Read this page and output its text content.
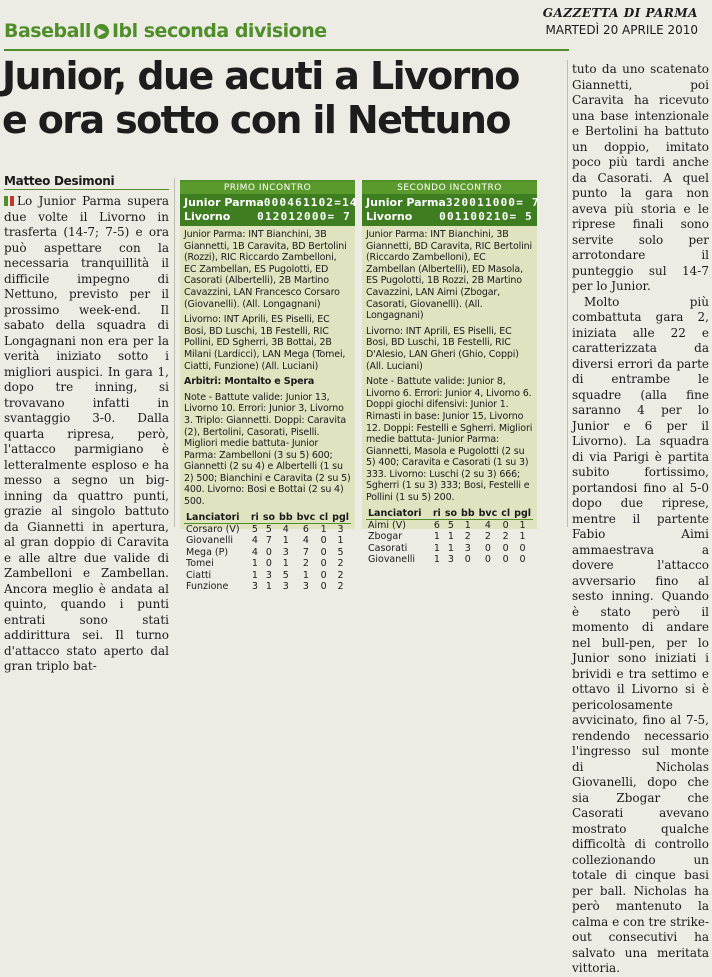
Baseball ▶ Ibl seconda divisione
GAZZETTA DI PARMA
MARTEDÌ 20 APRILE 2010
Junior, due acuti a Livorno
e ora sotto con il Nettuno
Matteo Desimoni

Lo Junior Parma supera due volte il Livorno in trasferta (14-7; 7-5) e ora può aspettare con la necessaria tranquillità il difficile impegno di Nettuno, previsto per il prossimo week-end. Il sabato della squadra di Longagnani non era per la verità iniziato sotto i migliori auspici. In gara 1, dopo tre inning, si trovavano infatti in svantaggio 3-0. Dalla quarta ripresa, però, l'attacco parmigiano è letteralmente esploso e ha messo a segno un big-inning da quattro punti, grazie al singolo battuto da Giannetti in apertura, al gran doppio di Caravita e alle altre due valide di Zambelloni e Zambellan. Ancora meglio è andata al quinto, quando i punti entrati sono stati addirittura sei. Il turno d'attacco stato aperto dal gran triplo bat-

PRIMO INCONTRO
Junior Parma 000461102=14
Livorno 012012000= 7

Junior Parma: INT Bianchini, 3B Giannetti, 1B Caravita, BD Bertolini (Rozzi), RIC Riccardo Zambelloni, EC Zambellan, ES Pugolotti, ED Casorati (Albertelli), 2B Martino Cavazzini, LAN Francesco Corsaro (Giovanelli). (All. Longagnani)

Livorno: INT Aprili, ES Piselli, EC Bosi, BD Luschi, 1B Festelli, RIC Pollini, ED Sgherri, 3B Bottai, 2B Milani (Lardicci), LAN Mega (Tomei, Ciatti, Funzione) (All. Luciani)

Arbitri: Montalto e Spera

Note - Battute valide: Junior 13, Livorno 10. Errori: Junior 3, Livorno 3. Triplo: Giannetti. Doppi: Caravita (2), Bertolini, Casorati, Piselli. Migliori medie battuta- Junior Parma: Zambelloni (3 su 5) 600; Giannetti (2 su 4) e Albertelli (1 su 2) 500; Bianchini e Caravita (2 su 5) 400. Livorno: Bosi e Bottai (2 su 4) 500.

Lanciatori	ri	so	bb	bvc	cl	pgl
Corsaro (V)	5	5	4	6	1	3
Giovanelli	4	7	1	4	0	1
Mega (P)	4	0	3	7	0	5
Tomei	1	0	1	2	0	2
Ciatti	1	3	5	1	0	2
Funzione	3	1	3	3	0	2
SECONDO INCONTRO
Junior Parma 320011000= 7
Livorno 001100210= 5

Junior Parma: INT Bianchini, 3B Giannetti, BD Caravita, RIC Bertolini (Riccardo Zambelloni), EC Zambellan (Albertelli), ED Masola, ES Pugolotti, 1B Rozzi, 2B Martino Cavazzini, LAN Aimi (Zbogar, Casorati, Giovanelli). (All. Longagnani)

Livorno: INT Aprili, ES Piselli, EC Bosi, BD Luschi, 1B Festelli, RIC D'Alesio, LAN Gheri (Ghio, Coppi) (All. Luciani)

Note - Battute valide: Junior 8, Livorno 6. Errori: Junior 4, Livorno 6. Doppi giochi difensivi: Junior 1. Rimasti in base: Junior 15, Livorno 12. Doppi: Festelli e Sgherri. Migliori medie battuta- Junior Parma: Giannetti, Masola e Pugolotti (2 su 5) 400; Caravita e Casorati (1 su 3) 333. Livorno: Luschi (2 su 3) 666; Sgherri (1 su 3) 333; Bosi, Festelli e Pollini (1 su 5) 200.

Lanciatori	ri	so	bb	bvc	cl	pgl
Aimi (V)	6	5	1	4	0	1
Zbogar	1	1	2	2	2	1
Casorati	1	1	3	0	0	0
Giovanelli	1	3	0	0	0	0

tuto da uno scatenato Giannetti, poi Caravita ha ricevuto una base intenzionale e Bertolini ha battuto un doppio, imitato poco più tardi anche da Casorati. A quel punto la gara non aveva più storia e le riprese finali sono servite solo per arrotondare il punteggio sul 14-7 per lo Junior.

Molto più combattuta gara 2, iniziata alle 22 e caratterizzata da diversi errori da parte di entrambe le squadre (alla fine saranno 4 per lo Junior e 6 per il Livorno). La squadra di via Parigi è partita subito fortissimo, portandosi fino al 5-0 dopo due riprese, mentre il partente Fabio Aimi ammaestrava a dovere l'attacco avversario fino al sesto inning. Quando è stato però il momento di andare nel bull-pen, per lo Junior sono iniziati i brividi e tra settimo e ottavo il Livorno si è pericolosamente avvicinato, fino al 7-5, rendendo necessario l'ingresso sul monte di Nicholas Giovanelli, dopo che sia Zbogar che Casorati avevano mostrato qualche difficoltà di controllo collezionando un totale di cinque basi per ball. Nicholas ha però mantenuto la calma e con tre strike-out consecutivi ha salvato una meritata vittoria.
